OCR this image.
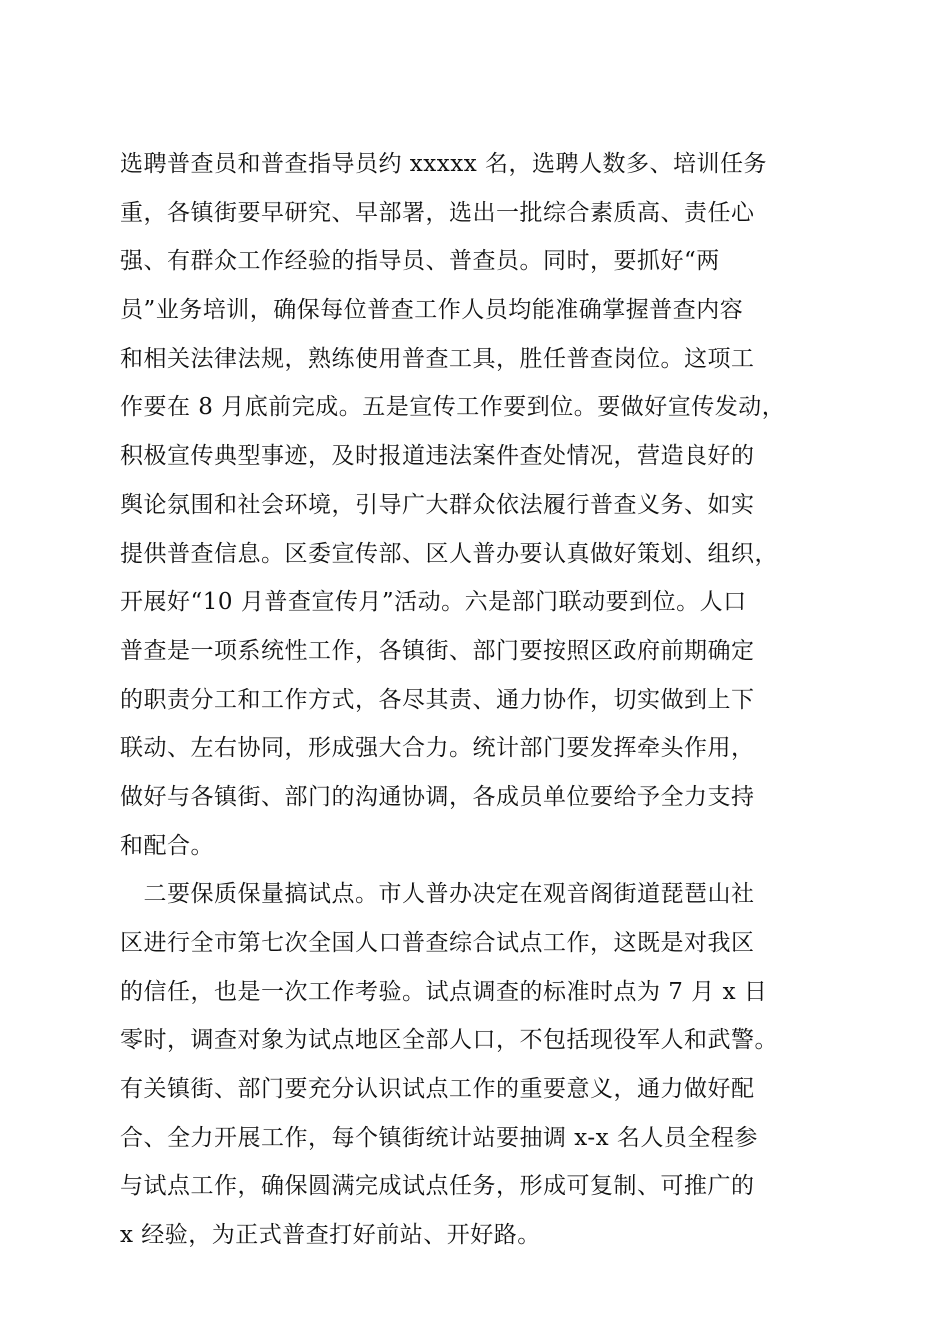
选聘普查员和普查指导员约 xxxxx 名，选聘人数多、培训任务
重，各镇街要早研究、早部署，选出一批综合素质高、责任心
强、有群众工作经验的指导员、普查员。同时，要抓好“两
员”业务培训，确保每位普查工作人员均能准确掌握普查内容
和相关法律法规，熟练使用普查工具，胜任普查岗位。这项工
作要在 8 月底前完成。五是宣传工作要到位。要做好宣传发动，
积极宣传典型事迹，及时报道违法案件查处情况，营造良好的
舆论氛围和社会环境，引导广大群众依法履行普查义务、如实
提供普查信息。区委宣传部、区人普办要认真做好策划、组织，
开展好“10 月普查宣传月”活动。六是部门联动要到位。人口
普查是一项系统性工作，各镇街、部门要按照区政府前期确定
的职责分工和工作方式，各尽其责、通力协作，切实做到上下
联动、左右协同，形成强大合力。统计部门要发挥牵头作用，
做好与各镇街、部门的沟通协调，各成员单位要给予全力支持
和配合。
　二要保质保量搞试点。市人普办决定在观音阁街道琵琶山社
区进行全市第七次全国人口普查综合试点工作，这既是对我区
的信任，也是一次工作考验。试点调查的标准时点为 7 月 x 日
零时，调查对象为试点地区全部人口，不包括现役军人和武警。
有关镇街、部门要充分认识试点工作的重要意义，通力做好配
合、全力开展工作，每个镇街统计站要抽调 x-x 名人员全程参
与试点工作，确保圆满完成试点任务，形成可复制、可推广的
x 经验，为正式普查打好前站、开好路。
